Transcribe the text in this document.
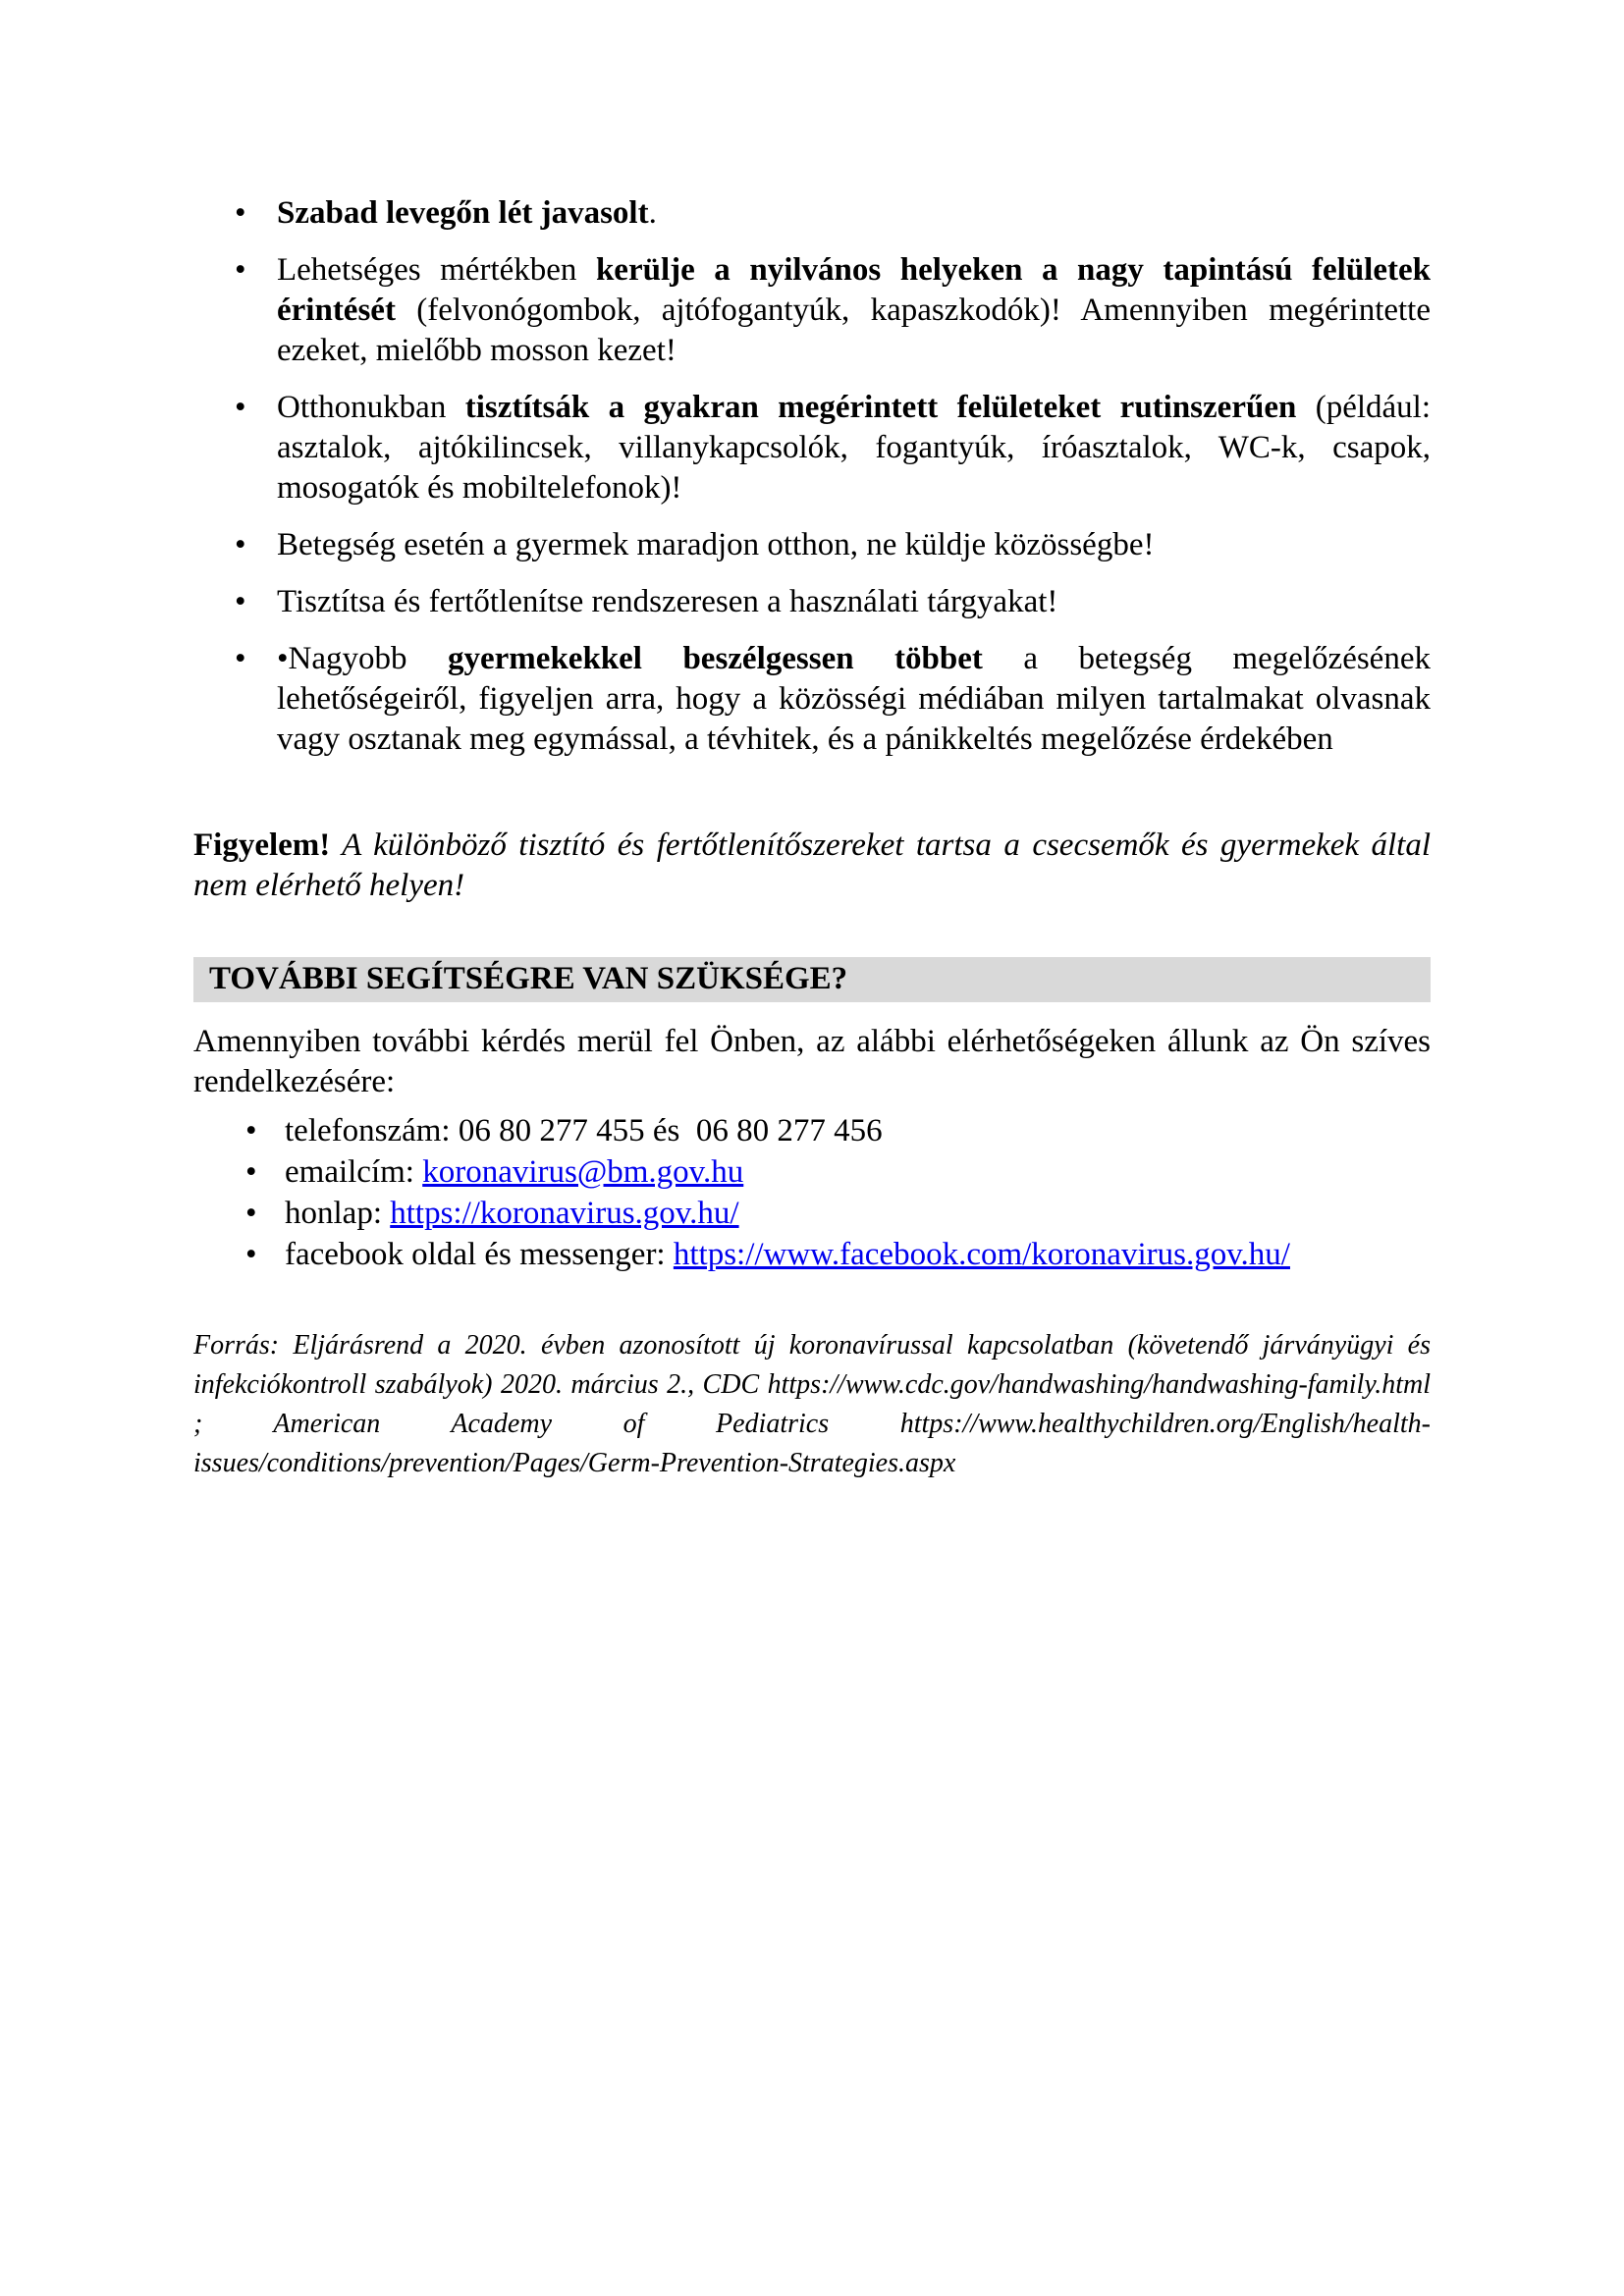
• Szabad levegőn lét javasolt.
• Lehetséges mértékben kerülje a nyilvános helyeken a nagy tapintású felületek érintését (felvonógombok, ajtófogantyúk, kapaszkodók)! Amennyiben megérintette ezeket, mielőbb mosson kezet!
• Otthonukban tisztítsák a gyakran megérintett felületeket rutinszerűen (például: asztalok, ajtókilincsek, villanykapcsolók, fogantyúk, íróasztalok, WC-k, csapok, mosogatók és mobiltelefonok)!
• Betegség esetén a gyermek maradjon otthon, ne küldje közösségbe!
• Tisztítsa és fertőtlenítse rendszeresen a használati tárgyakat!
• •Nagyobb gyermekekkel beszélgessen többet a betegség megelőzésének lehetőségeiről, figyeljen arra, hogy a közösségi médiában milyen tartalmakat olvasnak vagy osztanak meg egymással, a tévhitek, és a pánikkeltés megelőzése érdekében

Figyelem! A különböző tisztító és fertőtlenítőszereket tartsa a csecsemők és gyermekek által nem elérhető helyen!

TOVÁBBI SEGÍTSÉGRE VAN SZÜKSÉGE?

Amennyiben további kérdés merül fel Önben, az alábbi elérhetőségeken állunk az Ön szíves rendelkezésére:

• telefonszám: 06 80 277 455 és  06 80 277 456
• emailcím: koronavirus@bm.gov.hu
• honlap: https://koronavirus.gov.hu/
• facebook oldal és messenger: https://www.facebook.com/koronavirus.gov.hu/

Forrás: Eljárásrend a 2020. évben azonosított új koronavírussal kapcsolatban (követendő járványügyi és infekciókontroll szabályok) 2020. március 2., CDC https://www.cdc.gov/handwashing/handwashing-family.html ; American Academy of Pediatrics https://www.healthychildren.org/English/health-issues/conditions/prevention/Pages/Germ-Prevention-Strategies.aspx
